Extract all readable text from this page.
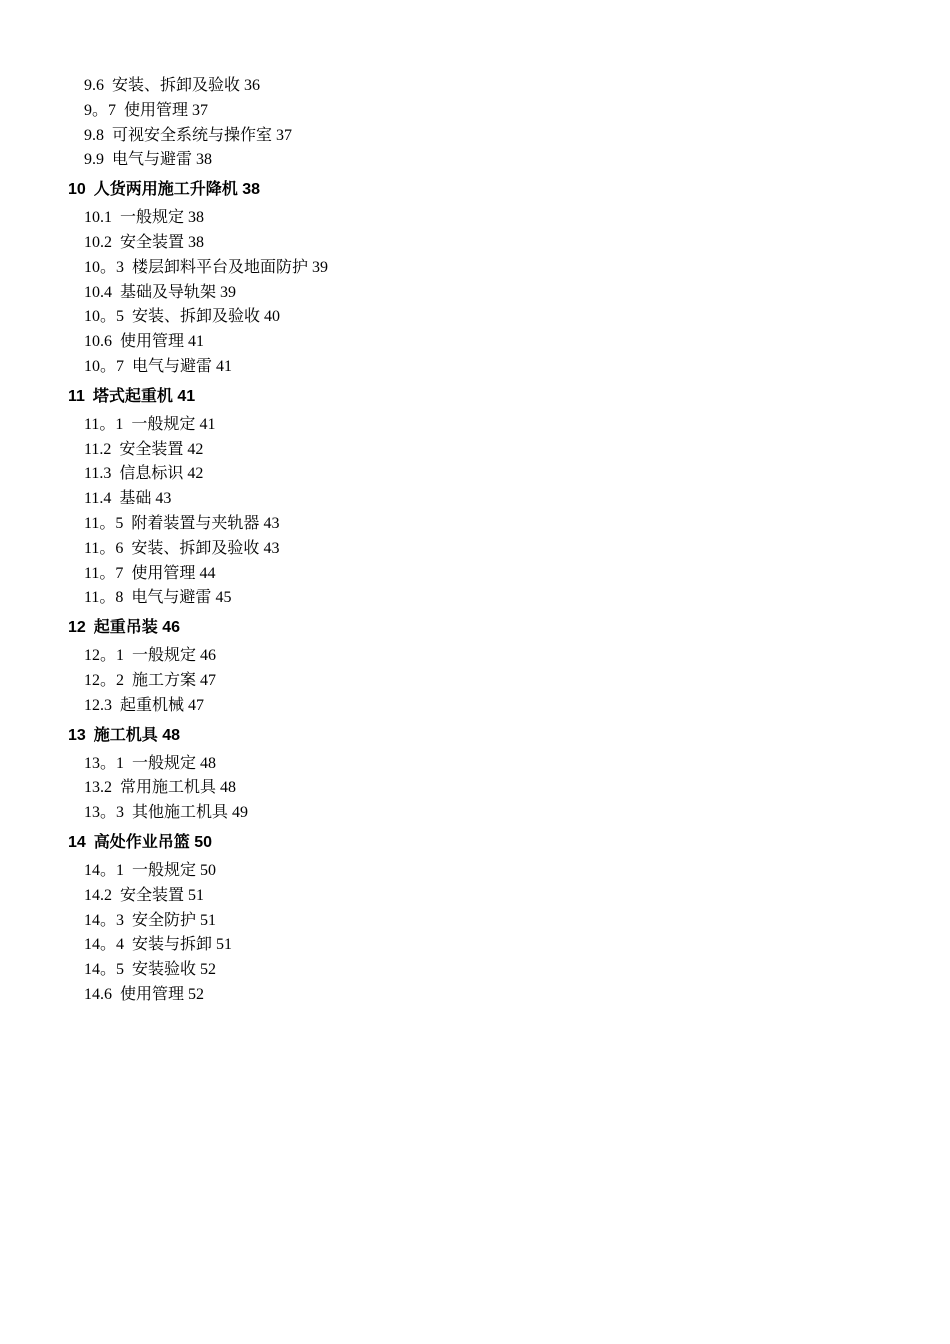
9.6 安装、拆卸及验收 36
9。7 使用管理 37
9.8 可视安全系统与操作室 37
9.9 电气与避雷 38
10 人货两用施工升降机 38
10.1 一般规定 38
10.2 安全装置 38
10。3 楼层卸料平台及地面防护 39
10.4 基础及导轨架 39
10。5 安装、拆卸及验收 40
10.6 使用管理 41
10。7 电气与避雷 41
11 塔式起重机 41
11。1 一般规定 41
11.2 安全装置 42
11.3 信息标识 42
11.4 基础 43
11。5 附着装置与夹轨器 43
11。6 安装、拆卸及验收 43
11。7 使用管理 44
11。8 电气与避雷 45
12 起重吊装 46
12。1 一般规定 46
12。2 施工方案 47
12.3 起重机械 47
13 施工机具 48
13。1 一般规定 48
13.2 常用施工机具 48
13。3 其他施工机具 49
14 高处作业吊篮 50
14。1 一般规定 50
14.2 安全装置 51
14。3 安全防护 51
14。4 安装与拆卸 51
14。5 安装验收 52
14.6 使用管理 52
